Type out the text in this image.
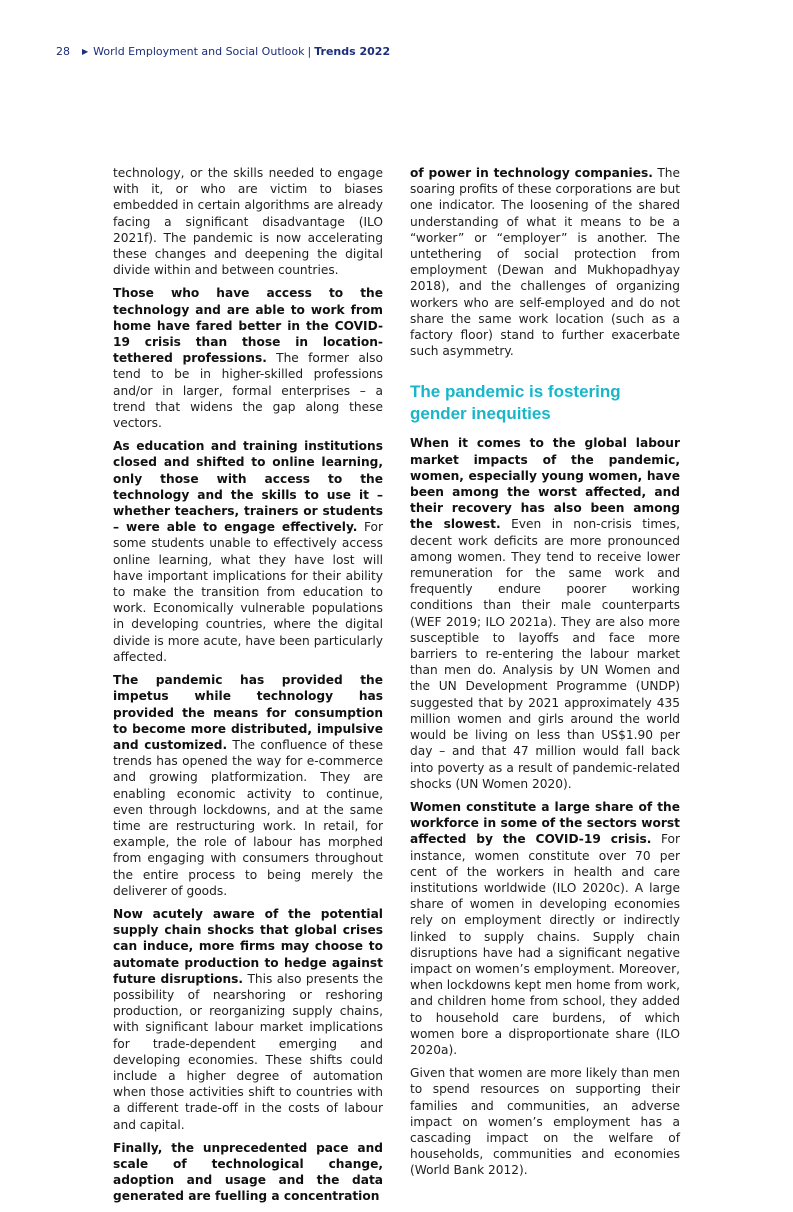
28 ▶ World Employment and Social Outlook | Trends 2022

technology, or the skills needed to engage with it, or who are victim to biases embedded in certain algorithms are already facing a significant disadvantage (ILO 2021f). The pandemic is now accelerating these changes and deepening the digital divide within and between countries.

Those who have access to the technology and are able to work from home have fared better in the COVID-19 crisis than those in location-tethered professions. The former also tend to be in higher-skilled professions and/or in larger, formal enterprises – a trend that widens the gap along these vectors.

As education and training institutions closed and shifted to online learning, only those with access to the technology and the skills to use it – whether teachers, trainers or students – were able to engage effectively. For some students unable to effectively access online learning, what they have lost will have important implications for their ability to make the transition from education to work. Economically vulnerable populations in developing countries, where the digital divide is more acute, have been particularly affected.

The pandemic has provided the impetus while technology has provided the means for consumption to become more distributed, impulsive and customized. The confluence of these trends has opened the way for e-commerce and growing platformization. They are enabling economic activity to continue, even through lockdowns, and at the same time are restructuring work. In retail, for example, the role of labour has morphed from engaging with consumers throughout the entire process to being merely the deliverer of goods.

Now acutely aware of the potential supply chain shocks that global crises can induce, more firms may choose to automate production to hedge against future disruptions. This also presents the possibility of nearshoring or reshoring production, or reorganizing supply chains, with significant labour market implications for trade-dependent emerging and developing economies. These shifts could include a higher degree of automation when those activities shift to countries with a different trade-off in the costs of labour and capital.

Finally, the unprecedented pace and scale of technological change, adoption and usage and the data generated are fuelling a concentration

of power in technology companies. The soaring profits of these corporations are but one indicator. The loosening of the shared understanding of what it means to be a “worker” or “employer” is another. The untethering of social protection from employment (Dewan and Mukhopadhyay 2018), and the challenges of organizing workers who are self-employed and do not share the same work location (such as a factory floor) stand to further exacerbate such asymmetry.

The pandemic is fostering
gender inequities

When it comes to the global labour market impacts of the pandemic, women, especially young women, have been among the worst affected, and their recovery has also been among the slowest. Even in non-crisis times, decent work deficits are more pronounced among women. They tend to receive lower remuneration for the same work and frequently endure poorer working conditions than their male counterparts (WEF 2019; ILO 2021a). They are also more susceptible to layoffs and face more barriers to re-entering the labour market than men do. Analysis by UN Women and the UN Development Programme (UNDP) suggested that by 2021 approximately 435 million women and girls around the world would be living on less than US$1.90 per day – and that 47 million would fall back into poverty as a result of pandemic-related shocks (UN Women 2020).

Women constitute a large share of the workforce in some of the sectors worst affected by the COVID-19 crisis. For instance, women constitute over 70 per cent of the workers in health and care institutions worldwide (ILO 2020c). A large share of women in developing economies rely on employment directly or indirectly linked to supply chains. Supply chain disruptions have had a significant negative impact on women’s employment. Moreover, when lockdowns kept men home from work, and children home from school, they added to household care burdens, of which women bore a disproportionate share (ILO 2020a).

Given that women are more likely than men to spend resources on supporting their families and communities, an adverse impact on women’s employment has a cascading impact on the welfare of households, communities and economies (World Bank 2012).
